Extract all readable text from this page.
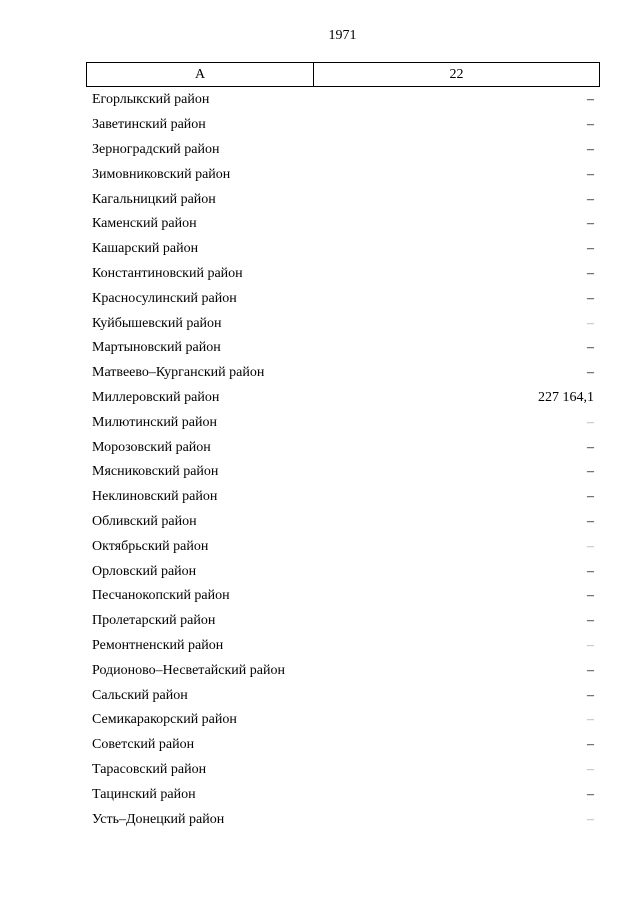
1971
А	22
Егорлыкский район	–
Заветинский район	–
Зерноградский район	–
Зимовниковский район	–
Кагальницкий район	–
Каменский район	–
Кашарский район	–
Константиновский район	–
Красносулинский район	–
Куйбышевский район	–
Мартыновский район	–
Матвеево–Курганский район	–
Миллеровский район	227 164,1
Милютинский район	–
Морозовский район	–
Мясниковский район	–
Неклиновский район	–
Обливский район	–
Октябрьский район	–
Орловский район	–
Песчанокопский район	–
Пролетарский район	–
Ремонтненский район	–
Родионово–Несветайский район	–
Сальский район	–
Семикаракорский район	–
Советский район	–
Тарасовский район	–
Тацинский район	–
Усть–Донецкий район	–
